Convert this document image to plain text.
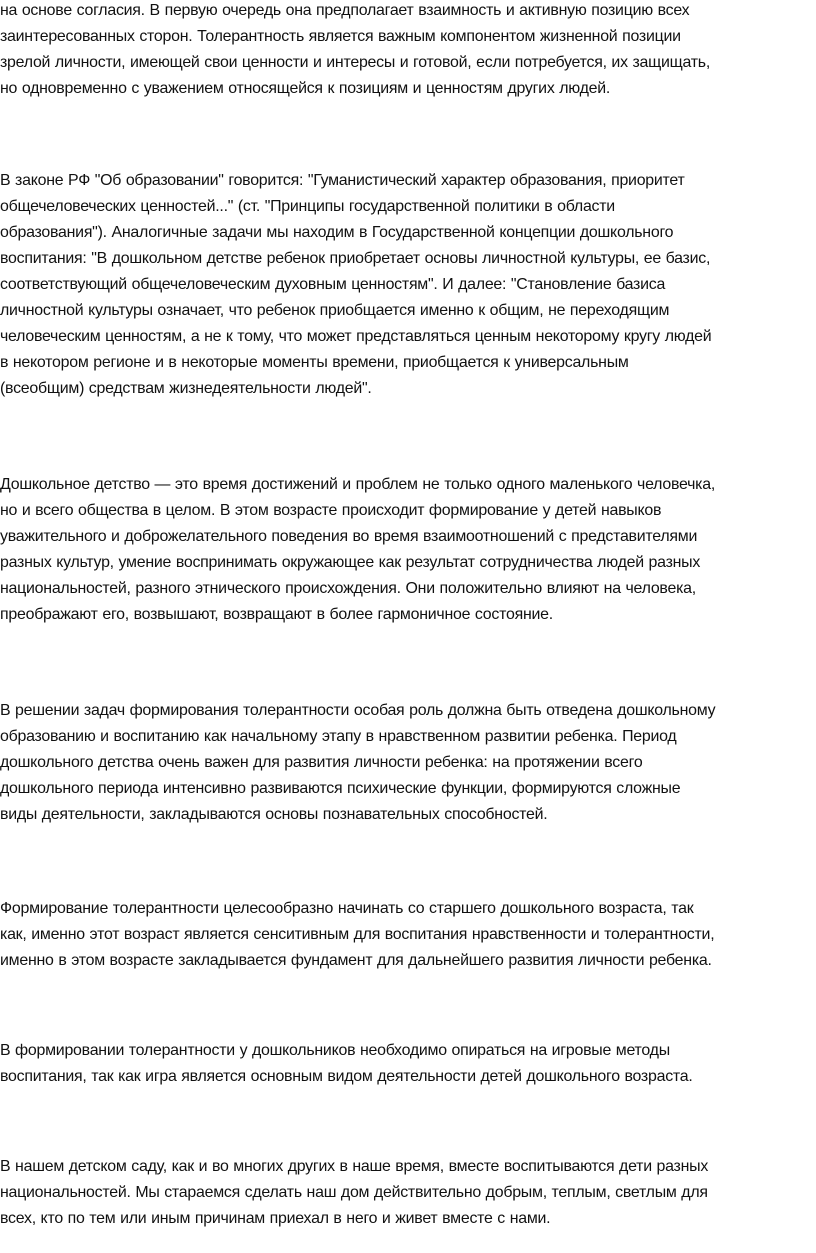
на основе согласия. В первую очередь она предполагает взаимность и активную позицию всех
заинтересованных сторон. Толерантность является важным компонентом жизненной позиции
зрелой личности, имеющей свои ценности и интересы и готовой, если потребуется, их защищать,
но одновременно с уважением относящейся к позициям и ценностям других людей.
В законе РФ "Об образовании" говорится: "Гуманистический характер образования, приоритет
общечеловеческих ценностей..." (ст. "Принципы государственной политики в области
образования"). Аналогичные задачи мы находим в Государственной концепции дошкольного
воспитания: "В дошкольном детстве ребенок приобретает основы личностной культуры, ее базис,
соответствующий общечеловеческим духовным ценностям". И далее: "Становление базиса
личностной культуры означает, что ребенок приобщается именно к общим, не переходящим
человеческим ценностям, а не к тому, что может представляться ценным некоторому кругу людей
в некотором регионе и в некоторые моменты времени, приобщается к универсальным
(всеобщим) средствам жизнедеятельности людей".
Дошкольное детство — это время достижений и проблем не только одного маленького человечка,
но и всего общества в целом. В этом возрасте происходит формирование у детей навыков
уважительного и доброжелательного поведения во время взаимоотношений с представителями
разных культур, умение воспринимать окружающее как результат сотрудничества людей разных
национальностей, разного этнического происхождения. Они положительно влияют на человека,
преображают его, возвышают, возвращают в более гармоничное состояние.
В решении задач формирования толерантности особая роль должна быть отведена дошкольному
образованию и воспитанию как начальному этапу в нравственном развитии ребенка. Период
дошкольного детства очень важен для развития личности ребенка: на протяжении всего
дошкольного периода интенсивно развиваются психические функции, формируются сложные
виды деятельности, закладываются основы познавательных способностей.
Формирование толерантности целесообразно начинать со старшего дошкольного возраста, так
как, именно этот возраст является сенситивным для воспитания нравственности и толерантности,
именно в этом возрасте закладывается фундамент для дальнейшего развития личности ребенка.
В формировании толерантности у дошкольников необходимо опираться на игровые методы
воспитания, так как игра является основным видом деятельности детей дошкольного возраста.
В нашем детском саду, как и во многих других в наше время, вместе воспитываются дети разных
национальностей. Мы стараемся сделать наш дом действительно добрым, теплым, светлым для
всех, кто по тем или иным причинам приехал в него и живет вместе с нами.
